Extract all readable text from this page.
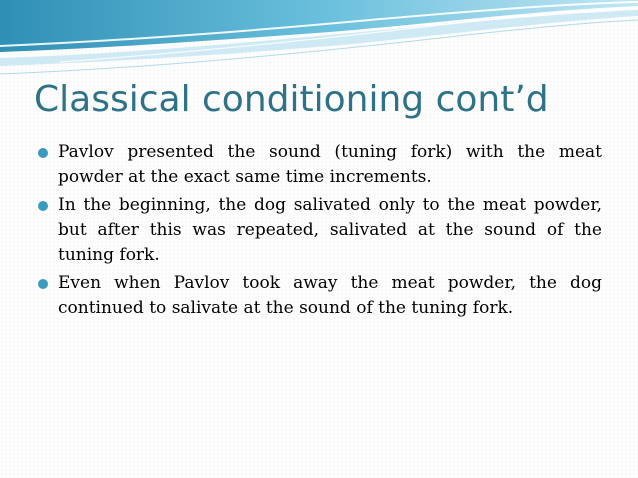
Classical conditioning cont’d
Pavlov presented the sound (tuning fork) with the meat powder at the exact same time increments.
In the beginning, the dog salivated only to the meat powder, but after this was repeated, salivated at the sound of the tuning fork.
Even when Pavlov took away the meat powder, the dog continued to salivate at the sound of the tuning fork.
